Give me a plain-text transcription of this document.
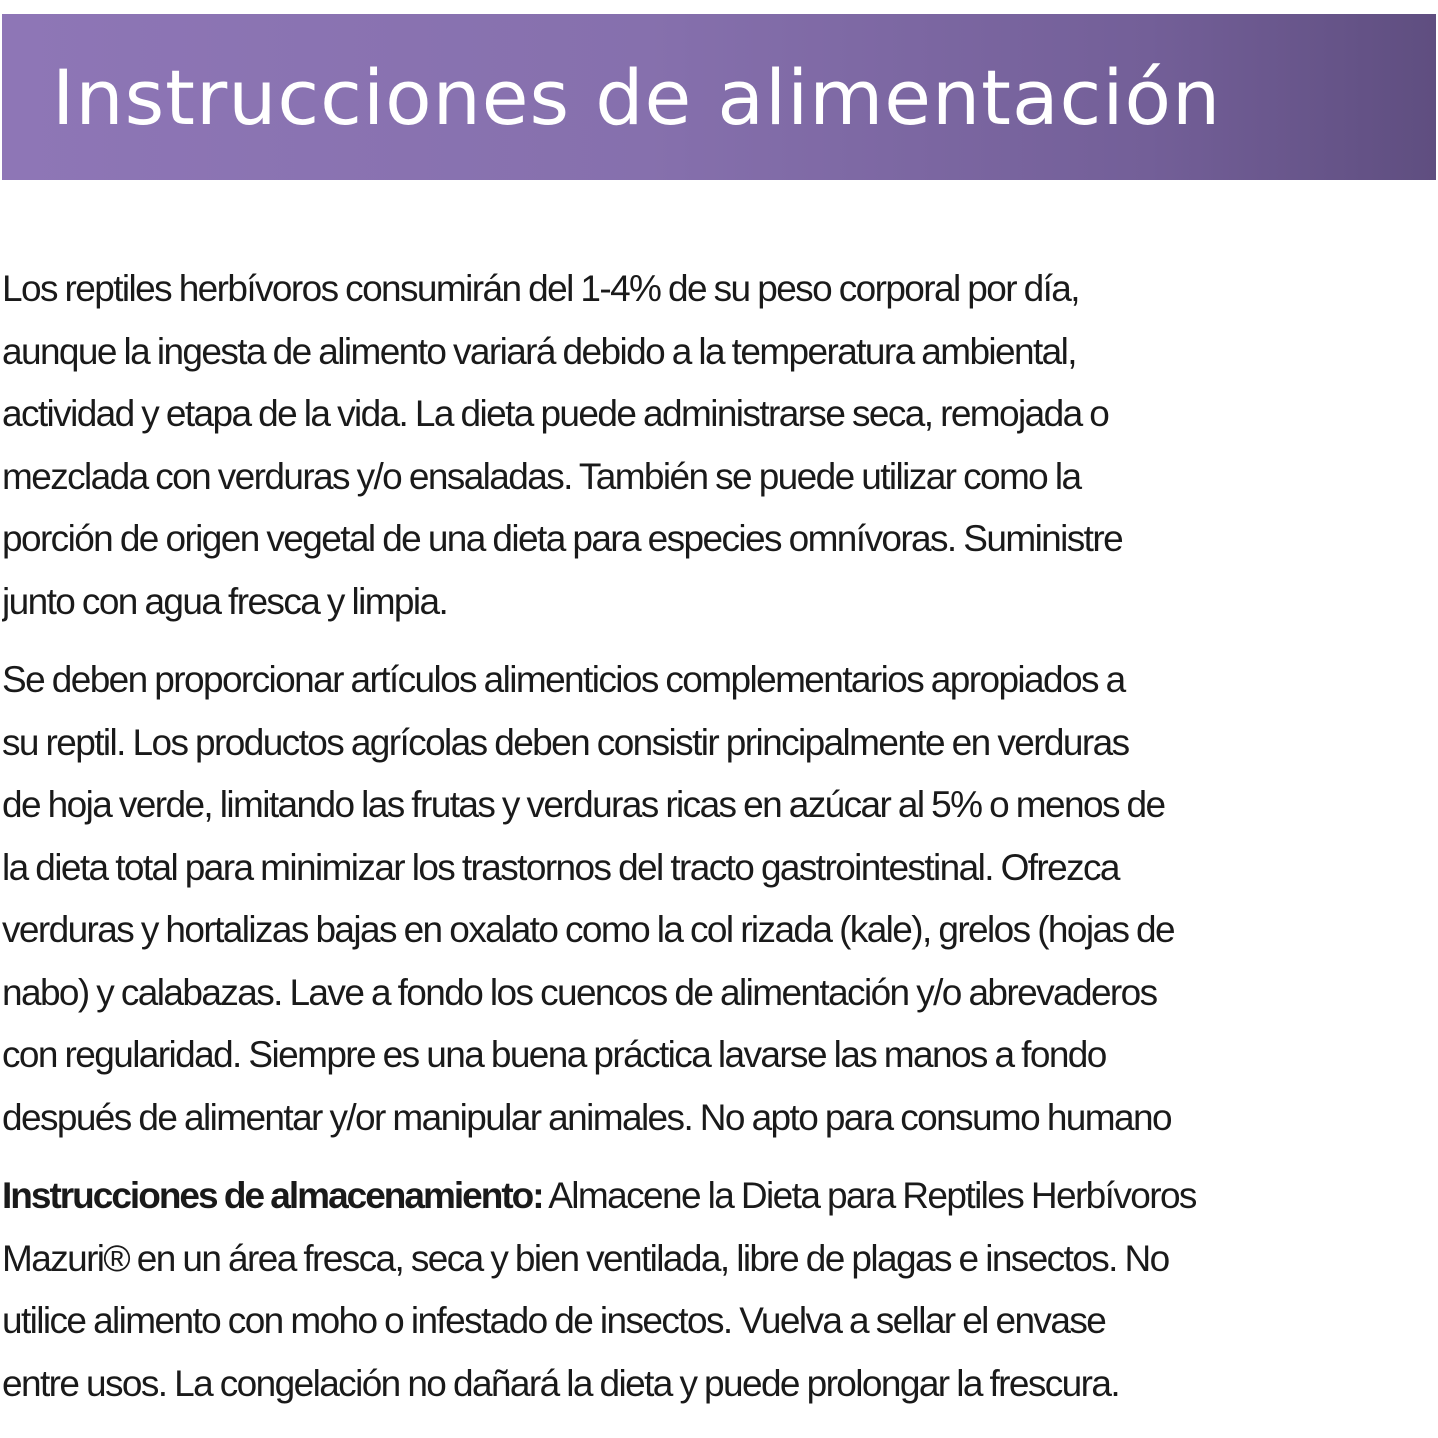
Instrucciones de alimentación

Los reptiles herbívoros consumirán del 1-4% de su peso corporal por día,
aunque la ingesta de alimento variará debido a la temperatura ambiental,
actividad y etapa de la vida. La dieta puede administrarse seca, remojada o
mezclada con verduras y/o ensaladas. También se puede utilizar como la
porción de origen vegetal de una dieta para especies omnívoras. Suministre
junto con agua fresca y limpia.

Se deben proporcionar artículos alimenticios complementarios apropiados a
su reptil. Los productos agrícolas deben consistir principalmente en verduras
de hoja verde, limitando las frutas y verduras ricas en azúcar al 5% o menos de
la dieta total para minimizar los trastornos del tracto gastrointestinal. Ofrezca
verduras y hortalizas bajas en oxalato como la col rizada (kale), grelos (hojas de
nabo) y calabazas. Lave a fondo los cuencos de alimentación y/o abrevaderos
con regularidad. Siempre es una buena práctica lavarse las manos a fondo
después de alimentar y/or manipular animales. No apto para consumo humano

Instrucciones de almacenamiento: Almacene la Dieta para Reptiles Herbívoros
Mazuri® en un área fresca, seca y bien ventilada, libre de plagas e insectos. No
utilice alimento con moho o infestado de insectos. Vuelva a sellar el envase
entre usos. La congelación no dañará la dieta y puede prolongar la frescura.
